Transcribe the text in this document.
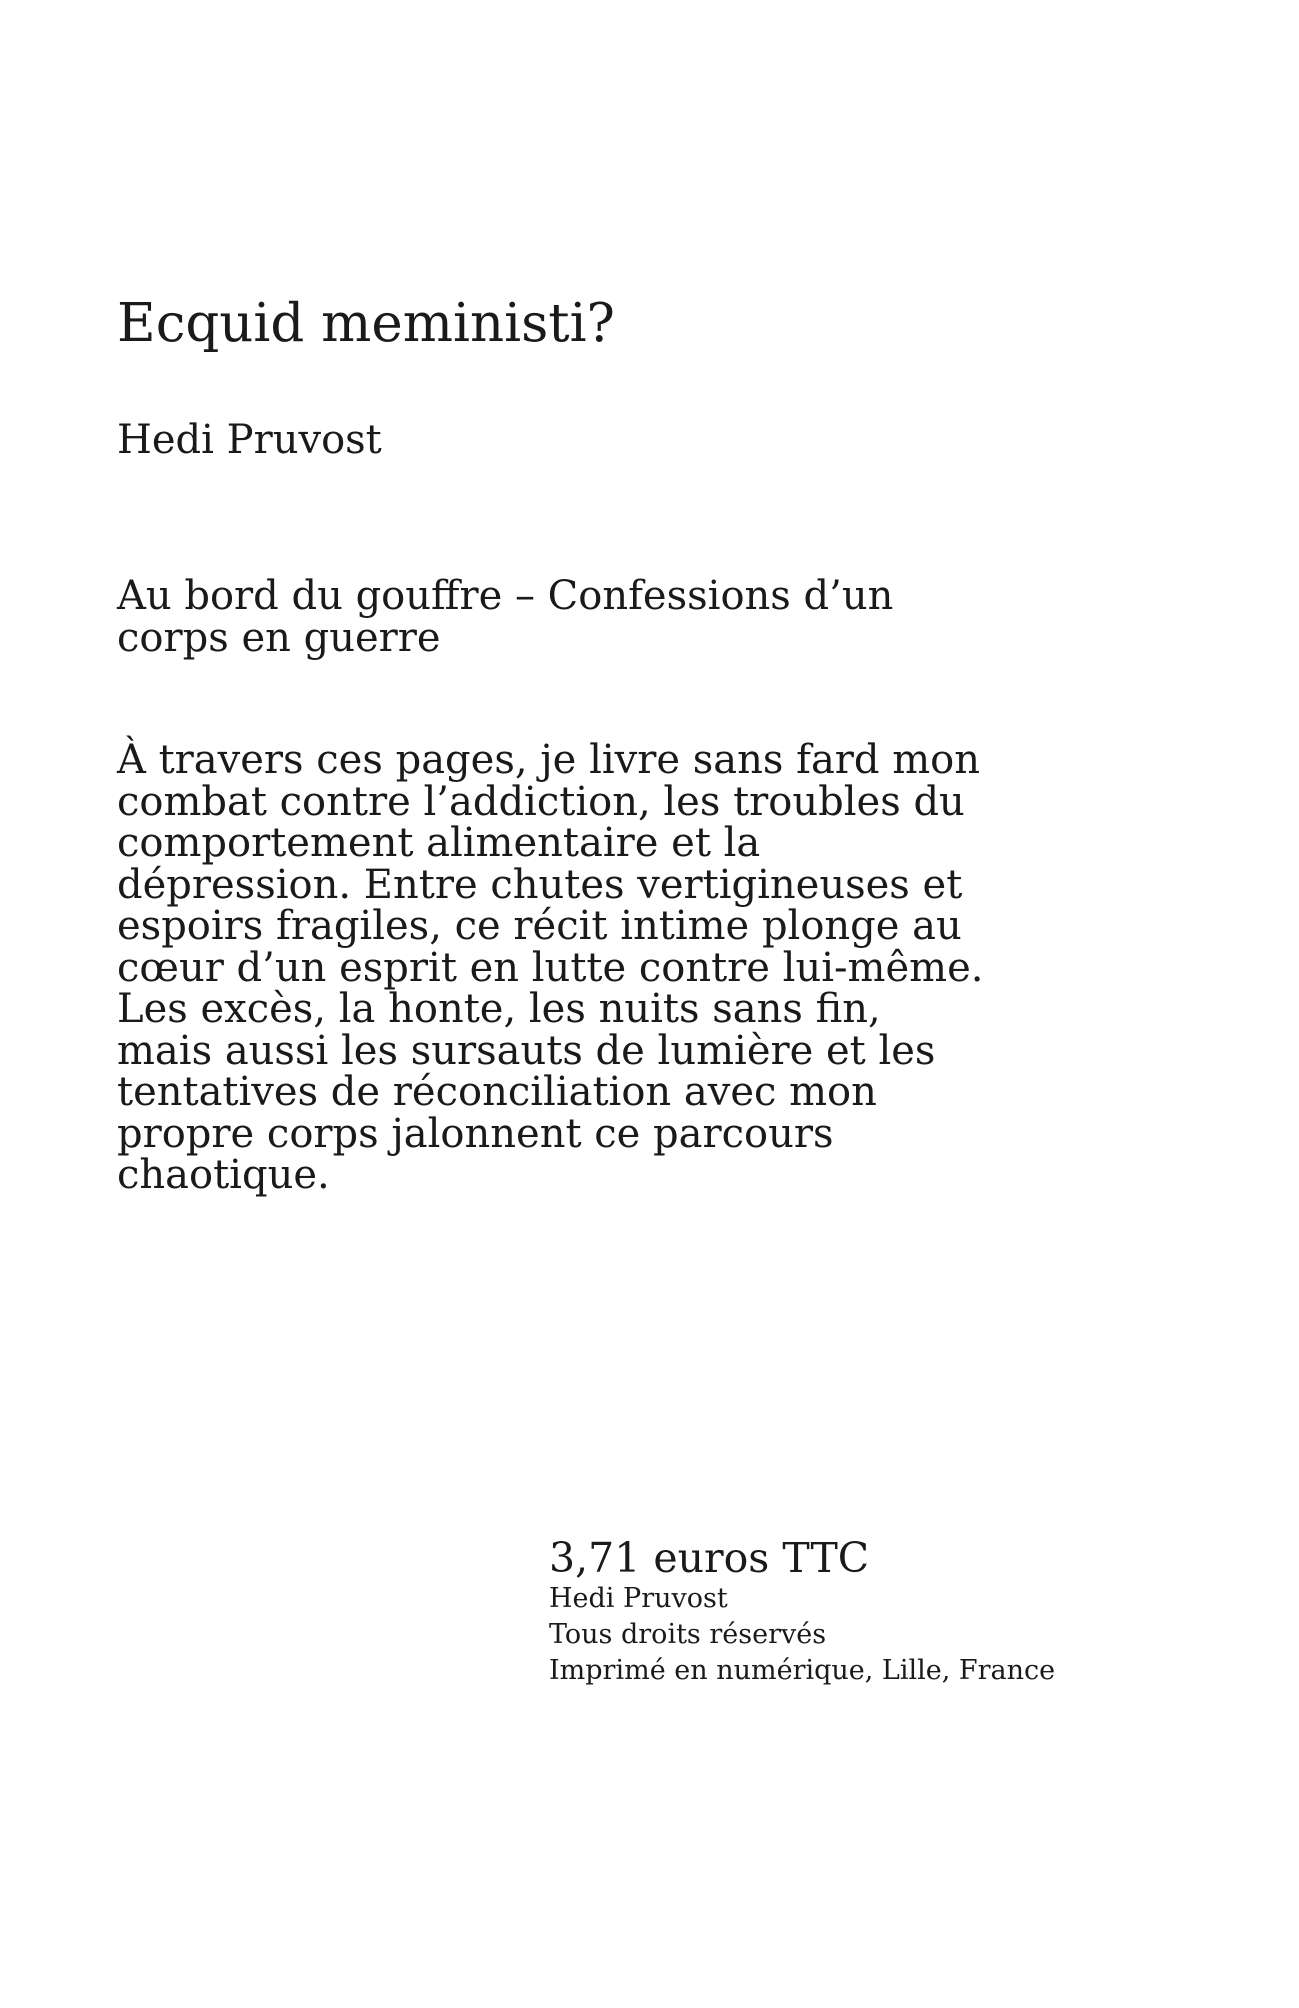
Ecquid meministi?

Hedi Pruvost

Au bord du gouffre – Confessions d’un corps en guerre

À travers ces pages, je livre sans fard mon combat contre l’addiction, les troubles du comportement alimentaire et la dépression. Entre chutes vertigineuses et espoirs fragiles, ce récit intime plonge au cœur d’un esprit en lutte contre lui-même. Les excès, la honte, les nuits sans fin, mais aussi les sursauts de lumière et les tentatives de réconciliation avec mon propre corps jalonnent ce parcours chaotique.

3,71 euros TTC

Hedi Pruvost

Tous droits réservés

Imprimé en numérique, Lille, France
